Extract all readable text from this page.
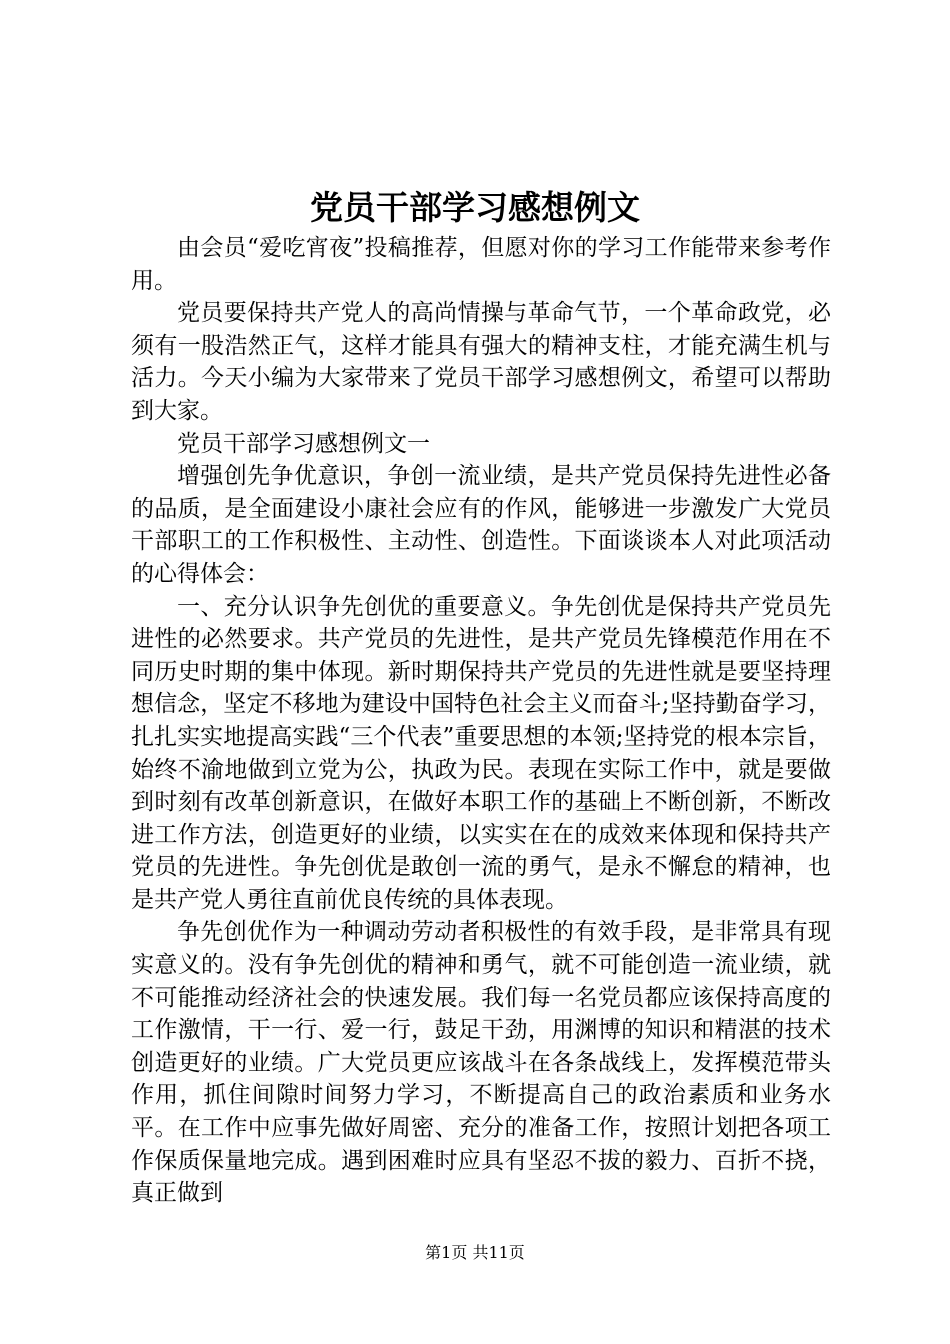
党员干部学习感想例文

由会员“爱吃宵夜”投稿推荐，但愿对你的学习工作能带来参考作用。

党员要保持共产党人的高尚情操与革命气节，一个革命政党，必须有一股浩然正气，这样才能具有强大的精神支柱，才能充满生机与活力。今天小编为大家带来了党员干部学习感想例文，希望可以帮助到大家。

党员干部学习感想例文一

增强创先争优意识，争创一流业绩，是共产党员保持先进性必备的品质，是全面建设小康社会应有的作风，能够进一步激发广大党员干部职工的工作积极性、主动性、创造性。下面谈谈本人对此项活动的心得体会：

一、充分认识争先创优的重要意义。争先创优是保持共产党员先进性的必然要求。共产党员的先进性，是共产党员先锋模范作用在不同历史时期的集中体现。新时期保持共产党员的先进性就是要坚持理想信念，坚定不移地为建设中国特色社会主义而奋斗;坚持勤奋学习，扎扎实实地提高实践“三个代表”重要思想的本领;坚持党的根本宗旨，始终不渝地做到立党为公，执政为民。表现在实际工作中，就是要做到时刻有改革创新意识，在做好本职工作的基础上不断创新，不断改进工作方法，创造更好的业绩，以实实在在的成效来体现和保持共产党员的先进性。争先创优是敢创一流的勇气，是永不懈怠的精神，也是共产党人勇往直前优良传统的具体表现。

争先创优作为一种调动劳动者积极性的有效手段，是非常具有现实意义的。没有争先创优的精神和勇气，就不可能创造一流业绩，就不可能推动经济社会的快速发展。我们每一名党员都应该保持高度的工作激情，干一行、爱一行，鼓足干劲，用渊博的知识和精湛的技术创造更好的业绩。广大党员更应该战斗在各条战线上，发挥模范带头作用，抓住间隙时间努力学习，不断提高自己的政治素质和业务水平。在工作中应事先做好周密、充分的准备工作，按照计划把各项工作保质保量地完成。遇到困难时应具有坚忍不拔的毅力、百折不挠，真正做到

第1页 共11页
